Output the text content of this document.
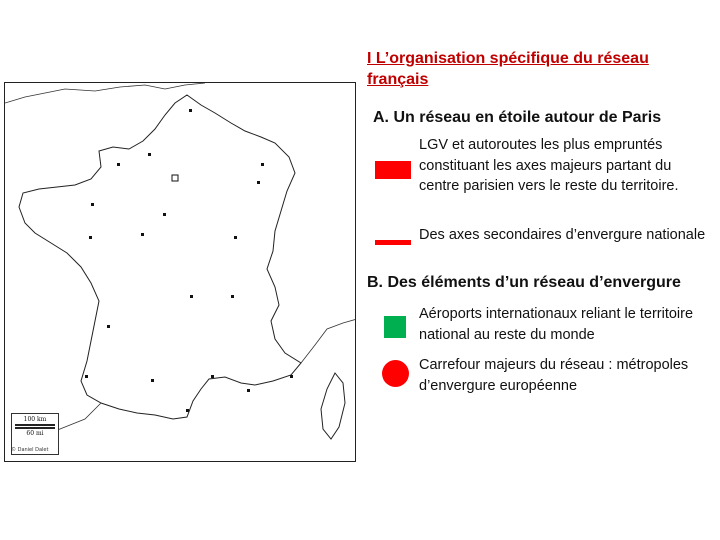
100 km
60 mi
© Daniel Dalet
I L’organisation spécifique du réseau français
A. Un réseau en étoile autour de Paris
LGV et autoroutes les plus empruntés constituant les axes majeurs partant du centre parisien vers le reste du territoire.
Des axes secondaires d’envergure nationale
B. Des éléments d’un réseau d’envergure
Aéroports internationaux reliant le territoire national au reste du monde
Carrefour majeurs du réseau : métropoles d’envergure européenne
